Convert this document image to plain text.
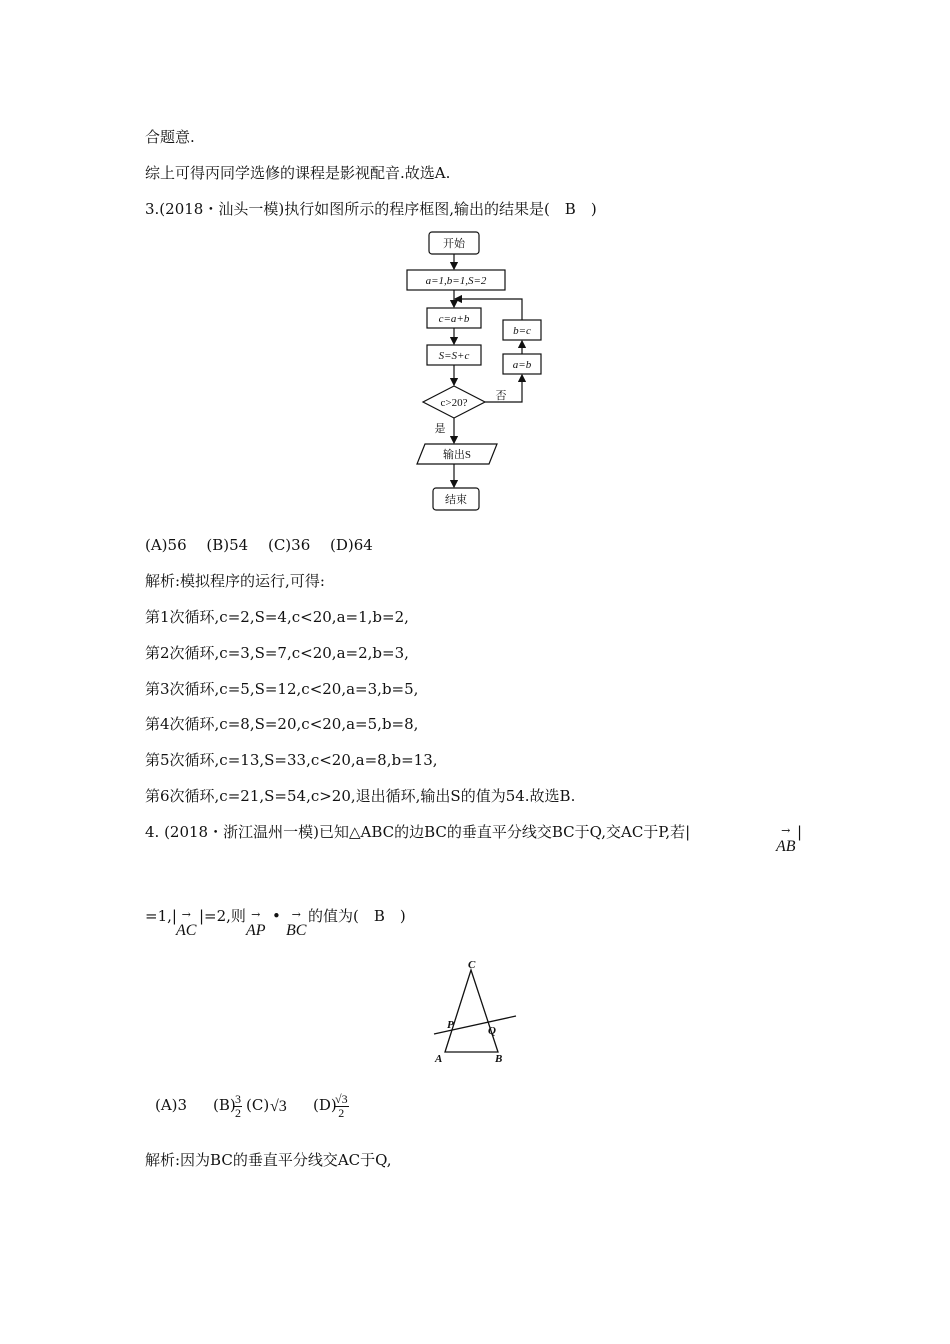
合题意.
综上可得丙同学选修的课程是影视配音.故选A.
3.(2018・汕头一模)执行如图所示的程序框图,输出的结果是(　B　)
开始
a=1,b=1,S=2
c=a+b
S=S+c
c>20?
b=c
a=b
输出S
结束
否
是
(A)56　 (B)54　 (C)36　 (D)64
解析:模拟程序的运行,可得:
第1次循环,c=2,S=4,c<20,a=1,b=2,
第2次循环,c=3,S=7,c<20,a=2,b=3,
第3次循环,c=5,S=12,c<20,a=3,b=5,
第4次循环,c=8,S=20,c<20,a=5,b=8,
第5次循环,c=13,S=33,c<20,a=8,b=13,
第6次循环,c=21,S=54,c>20,退出循环,输出S的值为54.故选B.
4. (2018・浙江温州一模)已知△ABC的边BC的垂直平分线交BC于Q,交AC于P,若|	→
AB
|
=1,| →
AC
|=2,则 →
AP
• →
BC
的值为(　B　)
C
P	Q
A	B
(A)3 (B)
$\frac{3}{2} (C)$ √3 (D)
$\frac{√3}{2}$
解析:因为BC的垂直平分线交AC于Q,
